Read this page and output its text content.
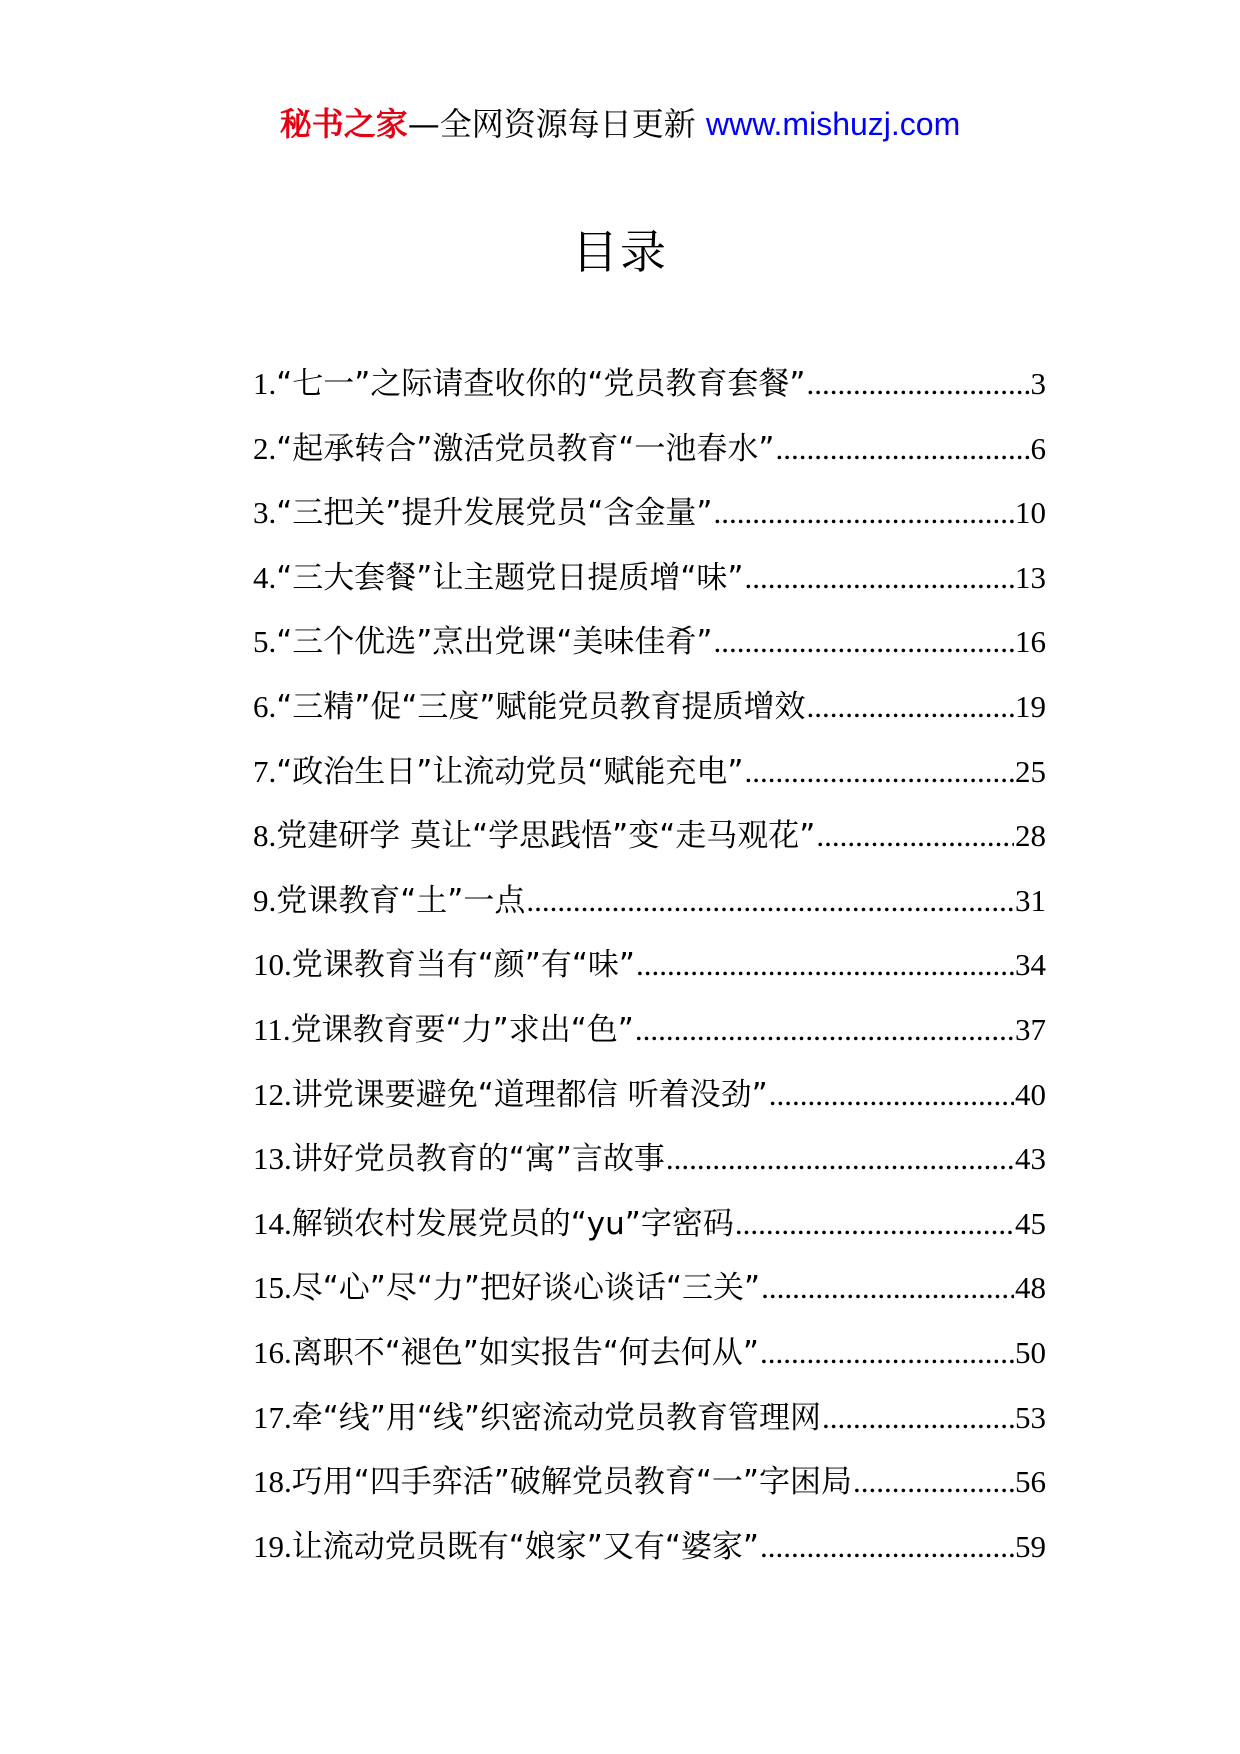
秘书之家—全网资源每日更新 www.mishuzj.com
目录
1. “七一”之际请查收你的“党员教育套餐” .....	3
2. “起承转合”激活党员教育“一池春水” .....	6
3. “三把关”提升发展党员“含金量” .....	10
4. “三大套餐”让主题党日提质增“味” .....	13
5. “三个优选”烹出党课“美味佳肴” .....	16
6. “三精”促“三度”赋能党员教育提质增效 .....	19
7. “政治生日”让流动党员“赋能充电” .....	25
8. 党建研学 莫让“学思践悟”变“走马观花” .....	28
9. 党课教育“土”一点 .....	31
10. 党课教育当有“颜”有“味” .....	34
11. 党课教育要“力”求出“色” .....	37
12. 讲党课要避免“道理都信 听着没劲” .....	40
13. 讲好党员教育的“寓”言故事 .....	43
14. 解锁农村发展党员的“yu”字密码 .....	45
15. 尽“心”尽“力”把好谈心谈话“三关” .....	48
16. 离职不“褪色”如实报告“何去何从” .....	50
17. 牵“线”用“线”织密流动党员教育管理网 .....	53
18. 巧用“四手弈活”破解党员教育“一”字困局 .....	56
19. 让流动党员既有“娘家”又有“婆家” .....	59
